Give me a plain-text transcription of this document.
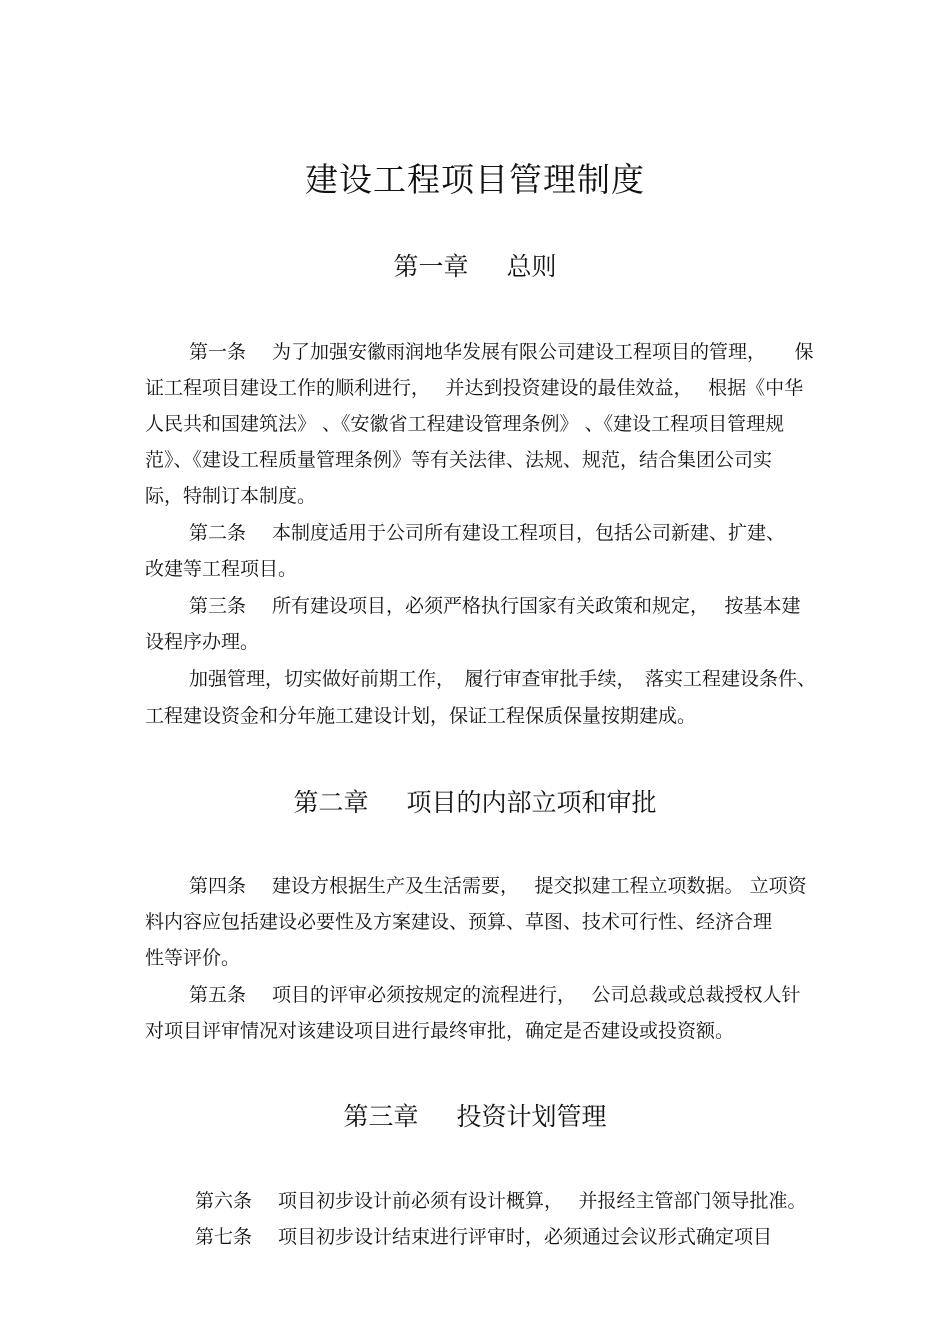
建设工程项目管理制度
第一章 总则
第一条 为了加强安徽雨润地华发展有限公司建设工程项目的管理，　　保
证工程项目建设工作的顺利进行，　 并达到投资建设的最佳效益，　 根据《中华
人民共和国建筑法》 、《安徽省工程建设管理条例》 、《建设工程项目管理规
范》、《建设工程质量管理条例》等有关法律、法规、规范，结合集团公司实
际，特制订本制度。
第二条 本制度适用于公司所有建设工程项目，包括公司新建、扩建、
改建等工程项目。
第三条 所有建设项目，必须严格执行国家有关政策和规定，　 按基本建
设程序办理。
加强管理，切实做好前期工作，　履行审查审批手续，　落实工程建设条件、
工程建设资金和分年施工建设计划，保证工程保质保量按期建成。
第二章 项目的内部立项和审批
第四条 建设方根据生产及生活需要，　 提交拟建工程立项数据。 立项资
料内容应包括建设必要性及方案建设、预算、草图、技术可行性、经济合理
性等评价。
第五条 项目的评审必须按规定的流程进行，　 公司总裁或总裁授权人针
对项目评审情况对该建设项目进行最终审批，确定是否建设或投资额。
第三章 投资计划管理
第六条 项目初步设计前必须有设计概算，　 并报经主管部门领导批准。
第七条 项目初步设计结束进行评审时，必须通过会议形式确定项目
